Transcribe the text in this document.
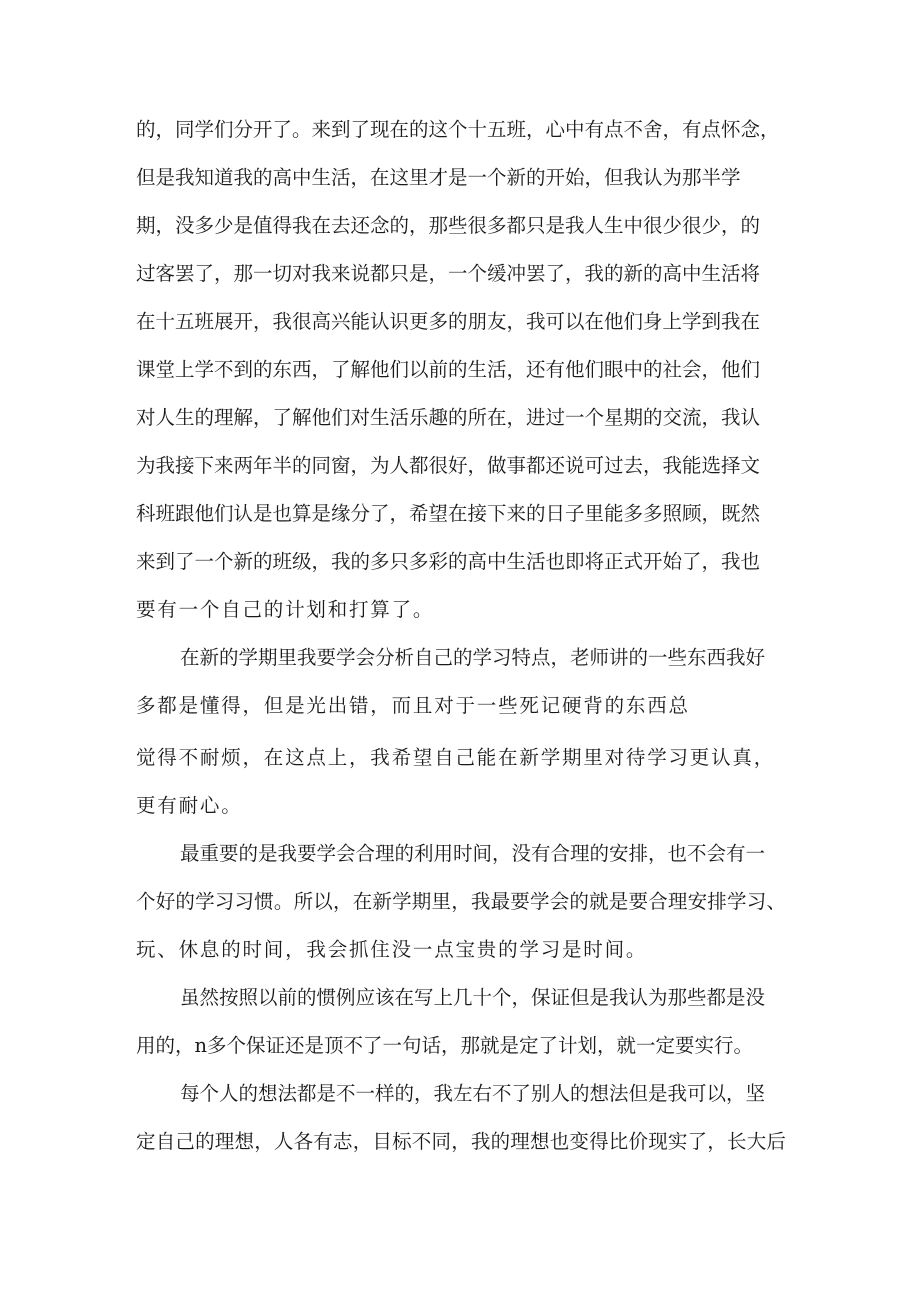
的，同学们分开了。来到了现在的这个十五班，心中有点不舍，有点怀念，
但是我知道我的高中生活，在这里才是一个新的开始，但我认为那半学
期，没多少是值得我在去还念的，那些很多都只是我人生中很少很少，的
过客罢了，那一切对我来说都只是，一个缓冲罢了，我的新的高中生活将
在十五班展开，我很高兴能认识更多的朋友，我可以在他们身上学到我在
课堂上学不到的东西，了解他们以前的生活，还有他们眼中的社会，他们
对人生的理解，了解他们对生活乐趣的所在，进过一个星期的交流，我认
为我接下来两年半的同窗，为人都很好，做事都还说可过去，我能选择文
科班跟他们认是也算是缘分了，希望在接下来的日子里能多多照顾，既然
来到了一个新的班级，我的多只多彩的高中生活也即将正式开始了，我也
要有一个自己的计划和打算了。
在新的学期里我要学会分析自己的学习特点，老师讲的一些东西我好
多都是懂得，但是光出错，而且对于一些死记硬背的东西总
觉得不耐烦，在这点上，我希望自己能在新学期里对待学习更认真，
更有耐心。
最重要的是我要学会合理的利用时间，没有合理的安排，也不会有一
个好的学习习惯。所以，在新学期里，我最要学会的就是要合理安排学习、
玩、休息的时间，我会抓住没一点宝贵的学习是时间。
虽然按照以前的惯例应该在写上几十个，保证但是我认为那些都是没
用的，n多个保证还是顶不了一句话，那就是定了计划，就一定要实行。
每个人的想法都是不一样的，我左右不了别人的想法但是我可以，坚
定自己的理想，人各有志，目标不同，我的理想也变得比价现实了，长大后
